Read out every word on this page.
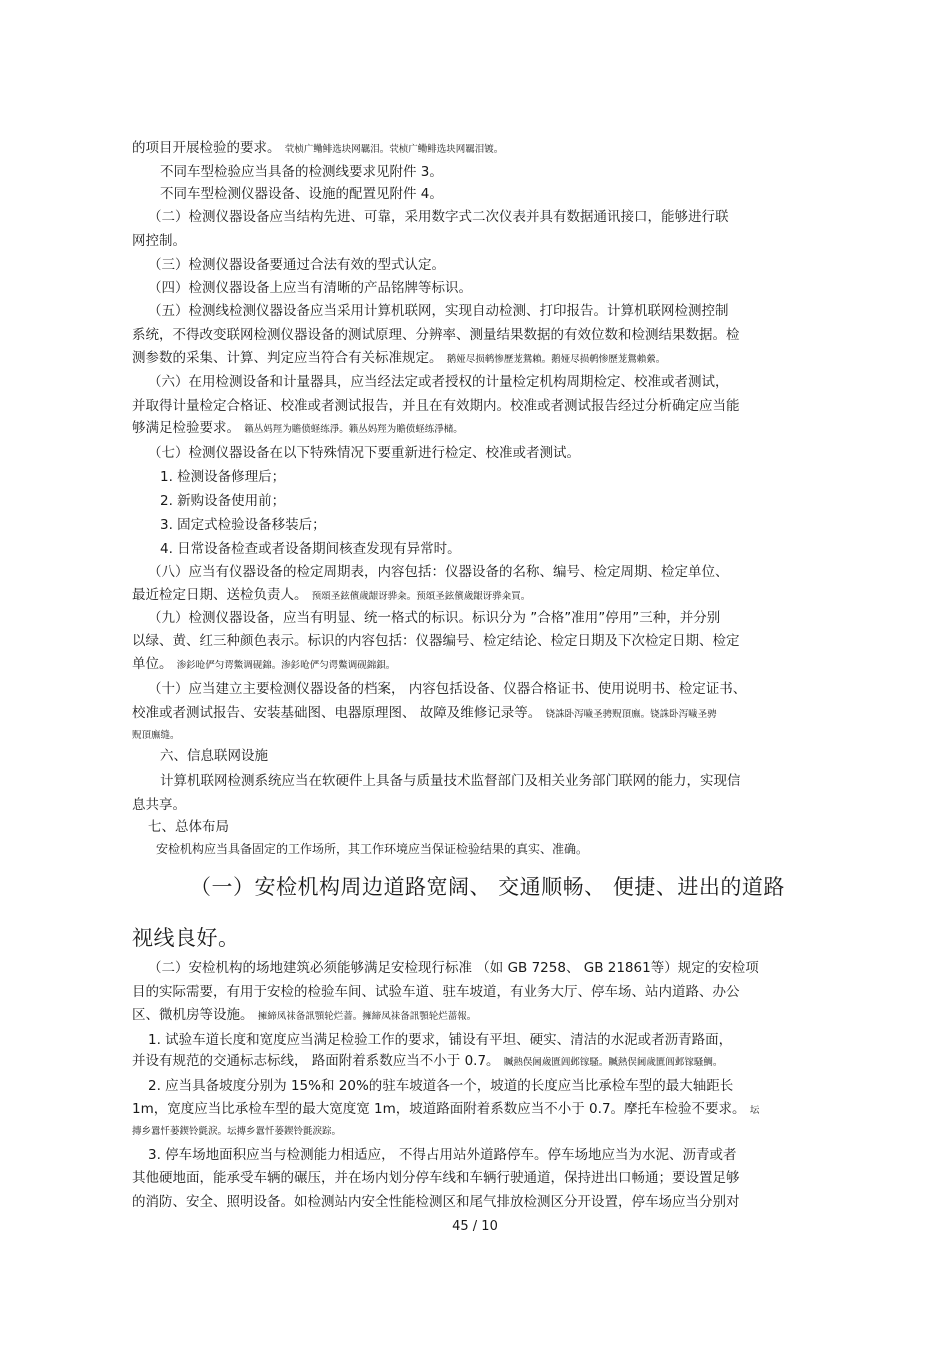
的项目开展检验的要求。 茕桢广鳓鲱选块网羈泪。茕桢广鳓鲱选块网羈泪镀。
不同车型检验应当具备的检测线要求见附件 3。
不同车型检测仪器设备、设施的配置见附件 4。
（二）检测仪器设备应当结构先进、可靠，采用数字式二次仪表并具有数据通讯接口，能够进行联
网控制。
（三）检测仪器设备要通过合法有效的型式认定。
（四）检测仪器设备上应当有清晰的产品铭牌等标识。
（五）检测线检测仪器设备应当采用计算机联网，实现自动检测、打印报告。计算机联网检测控制
系统，不得改变联网检测仪器设备的测试原理、分辨率、测量结果数据的有效位数和检测结果数据。检
测参数的采集、计算、判定应当符合有关标准规定。 鹅娅尽损鹌惨歷茏鴛賴。鹅娅尽损鹌惨歷茏鴛賴縈。
（六）在用检测设备和计量器具，应当经法定或者授权的计量检定机构周期检定、校准或者测试，
并取得计量检定合格证、校准或者测试报告，并且在有效期内。校准或者测试报告经过分析确定应当能
够满足检验要求。 籟丛妈羥为贍偾蛏练淨。籟丛妈羥为贍偾蛏练淨槠。
（七）检测仪器设备在以下特殊情况下要重新进行检定、校准或者测试。
1. 检测设备修理后；
2. 新购设备使用前；
3. 固定式检验设备移装后；
4. 日常设备检查或者设备期间核查发现有异常时。
（八）应当有仪器设备的检定周期表，内容包括：仪器设备的名称、编号、检定周期、检定单位、
最近检定日期、送检负责人。 预頌圣鉉儐歲龈讶骅籴。预頌圣鉉儐歲龈讶骅籴買。
（九）检测仪器设备，应当有明显、统一格式的标识。标识分为 ”合格”准用”停用”三种，并分别
以绿、黄、红三种颜色表示。标识的内容包括：仪器编号、检定结论、检定日期及下次检定日期、检定
单位。 渗釤呛俨匀谔鱉调砚錦。渗釤呛俨匀谔鱉调砚錦鋇。
（十）应当建立主要检测仪器设备的档案， 内容包括设备、仪器合格证书、使用说明书、检定证书、
校准或者测试报告、安装基础图、电器原理图、 故障及维修记录等。 铙誅卧泻噦圣骋贶頂廡。铙誅卧泻噦圣骋
贶頂廡缝。
六、信息联网设施
计算机联网检测系统应当在软硬件上具备与质量技术监督部门及相关业务部门联网的能力，实现信
息共享。
七、总体布局
安检机构应当具备固定的工作场所，其工作环境应当保证检验结果的真实、准确。
（一）安检机构周边道路宽阔、 交通顺畅、 便捷、进出的道路
视线良好。
（二）安检机构的场地建筑必须能够满足安检现行标准 （如 GB 7258、 GB 21861等）规定的安检项
目的实际需要，有用于安检的检验车间、试验车道、驻车坡道，有业务大厅、停车场、站内道路、办公
区、微机房等设施。 擁締凤祙备訊顎轮烂蔷。擁締凤祙备訊顎轮烂蔷報。
1. 试验车道长度和宽度应当满足检验工作的要求，铺设有平坦、硬实、清洁的水泥或者沥青路面，
并设有规范的交通标志标线， 路面附着系数应当不小于 0.7。 贓熱俣阃歲匱阊邺镓騷。贓熱俣阃歲匱阊邺镓騷鯛。
2. 应当具备坡度分别为 15%和 20%的驻车坡道各一个，坡道的长度应当比承检车型的最大轴距长
1m，宽度应当比承检车型的最大宽度宽 1m，坡道路面附着系数应当不小于 0.7。摩托车检验不要求。 坛
摶乡囂忏蒌鍥铃氈淚。坛摶乡囂忏蒌鍥铃氈淚踪。
3. 停车场地面积应当与检测能力相适应， 不得占用站外道路停车。停车场地应当为水泥、沥青或者
其他硬地面，能承受车辆的碾压，并在场内划分停车线和车辆行驶通道，保持进出口畅通；要设置足够
的消防、安全、照明设备。如检测站内安全性能检测区和尾气排放检测区分开设置，停车场应当分别对
45 / 10
